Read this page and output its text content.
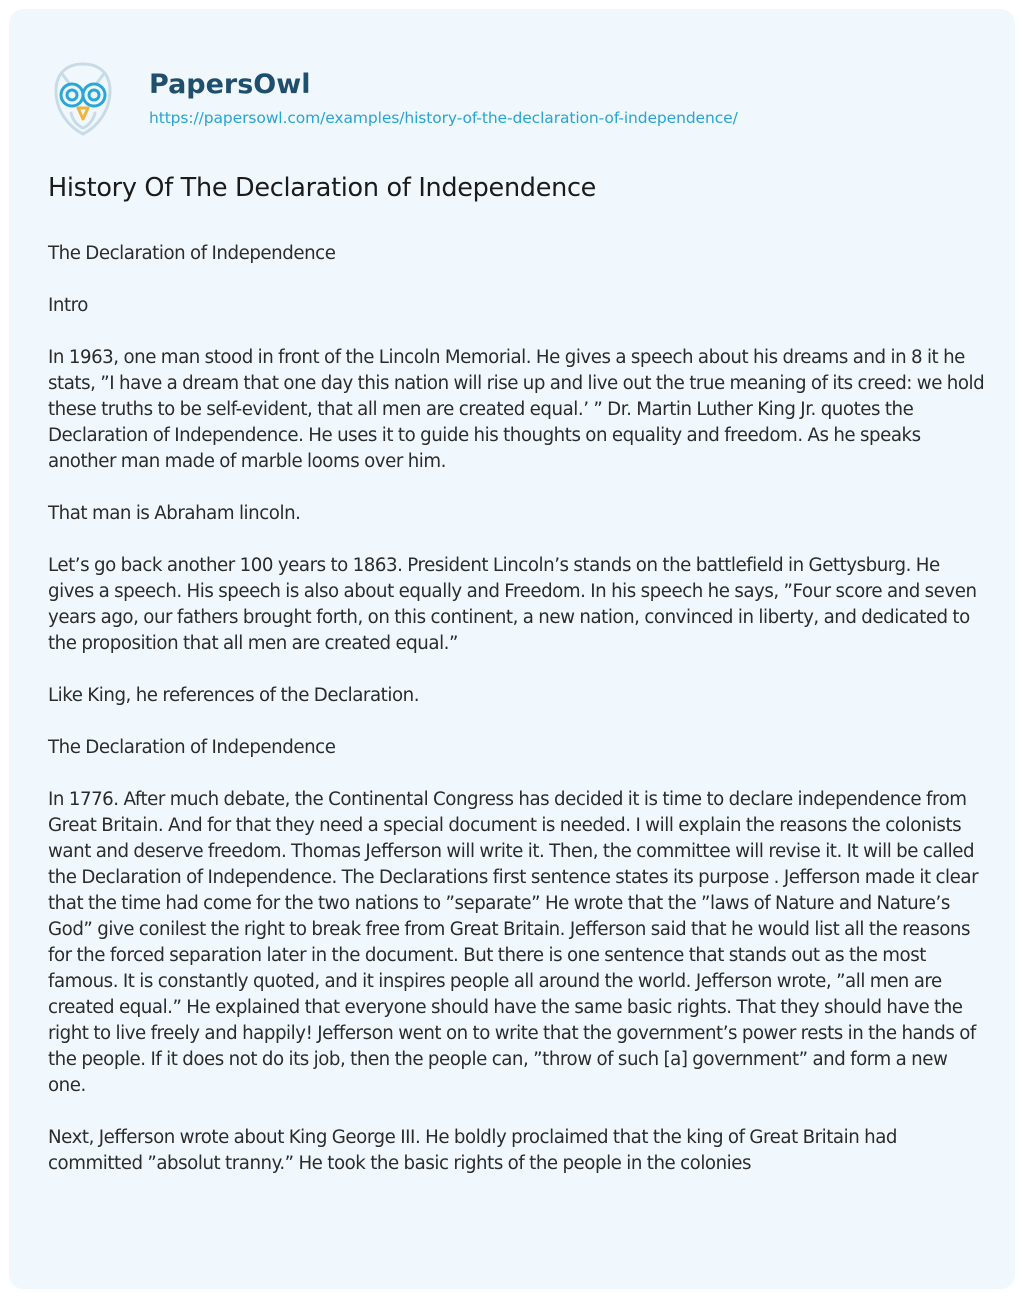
PapersOwl
https://papersowl.com/examples/history-of-the-declaration-of-independence/
History Of The Declaration of Independence

The Declaration of Independence

Intro

In 1963, one man stood in front of the Lincoln Memorial. He gives a speech about his dreams and in 8 it he stats, ”I have a dream that one day this nation will rise up and live out the true meaning of its creed: we hold these truths to be self-evident, that all men are created equal.’ ” Dr. Martin Luther King Jr. quotes the Declaration of Independence. He uses it to guide his thoughts on equality and freedom. As he speaks another man made of marble looms over him.

That man is Abraham lincoln.

Let’s go back another 100 years to 1863. President Lincoln’s stands on the battlefield in Gettysburg. He gives a speech. His speech is also about equally and Freedom. In his speech he says, ”Four score and seven years ago, our fathers brought forth, on this continent, a new nation, convinced in liberty, and dedicated to the proposition that all men are created equal.”

Like King, he references of the Declaration.

The Declaration of Independence

In 1776. After much debate, the Continental Congress has decided it is time to declare independence from Great Britain. And for that they need a special document is needed. I will explain the reasons the colonists want and deserve freedom. Thomas Jefferson will write it. Then, the committee will revise it. It will be called the Declaration of Independence. The Declarations first sentence states its purpose . Jefferson made it clear that the time had come for the two nations to ”separate” He wrote that the ”laws of Nature and Nature’s God” give conilest the right to break free from Great Britain. Jefferson said that he would list all the reasons for the forced separation later in the document. But there is one sentence that stands out as the most famous. It is constantly quoted, and it inspires people all around the world. Jefferson wrote, ”all men are created equal.” He explained that everyone should have the same basic rights. That they should have the right to live freely and happily! Jefferson went on to write that the government’s power rests in the hands of the people. If it does not do its job, then the people can, ”throw of such [a] government” and form a new one.

Next, Jefferson wrote about King George III. He boldly proclaimed that the king of Great Britain had committed ”absolut tranny.” He took the basic rights of the people in the colonies
